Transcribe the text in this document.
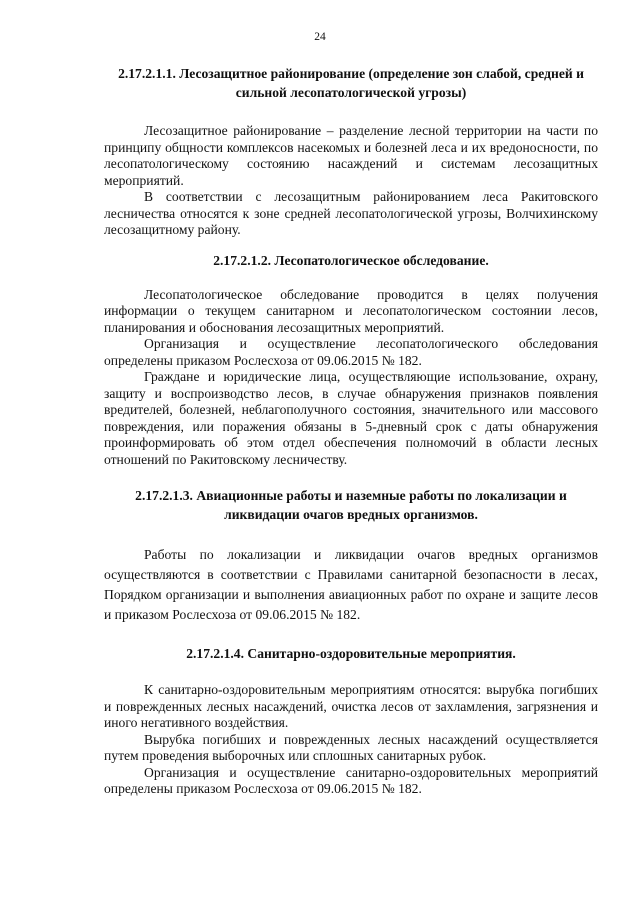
24
2.17.2.1.1. Лесозащитное районирование (определение зон слабой, средней и сильной лесопатологической угрозы)

Лесозащитное районирование – разделение лесной территории на части по принципу общности комплексов насекомых и болезней леса и их вредоносности, по лесопатологическому состоянию насаждений и системам лесозащитных мероприятий.

В соответствии с лесозащитным районированием леса Ракитовского лесничества относятся к зоне средней лесопатологической угрозы, Волчихинскому лесозащитному району.

2.17.2.1.2. Лесопатологическое обследование.

Лесопатологическое обследование проводится в целях получения информации о текущем санитарном и лесопатологическом состоянии лесов, планирования и обоснования лесозащитных мероприятий.

Организация и осуществление лесопатологического обследования определены приказом Рослесхоза от 09.06.2015 № 182.

Граждане и юридические лица, осуществляющие использование, охрану, защиту и воспроизводство лесов, в случае обнаружения признаков появления вредителей, болезней, неблагополучного состояния, значительного или массового повреждения, или поражения обязаны в 5-дневный срок с даты обнаружения проинформировать об этом отдел обеспечения полномочий в области лесных отношений по Ракитовскому лесничеству.

2.17.2.1.3. Авиационные работы и наземные работы по локализации и ликвидации очагов вредных организмов.

Работы по локализации и ликвидации очагов вредных организмов осуществляются в соответствии с Правилами санитарной безопасности в лесах, Порядком организации и выполнения авиационных работ по охране и защите лесов и приказом Рослесхоза от 09.06.2015 № 182.

2.17.2.1.4. Санитарно-оздоровительные мероприятия.

К санитарно-оздоровительным мероприятиям относятся: вырубка погибших и поврежденных лесных насаждений, очистка лесов от захламления, загрязнения и иного негативного воздействия.

Вырубка погибших и поврежденных лесных насаждений осуществляется путем проведения выборочных или сплошных санитарных рубок.

Организация и осуществление санитарно-оздоровительных мероприятий определены приказом Рослесхоза от 09.06.2015 № 182.
